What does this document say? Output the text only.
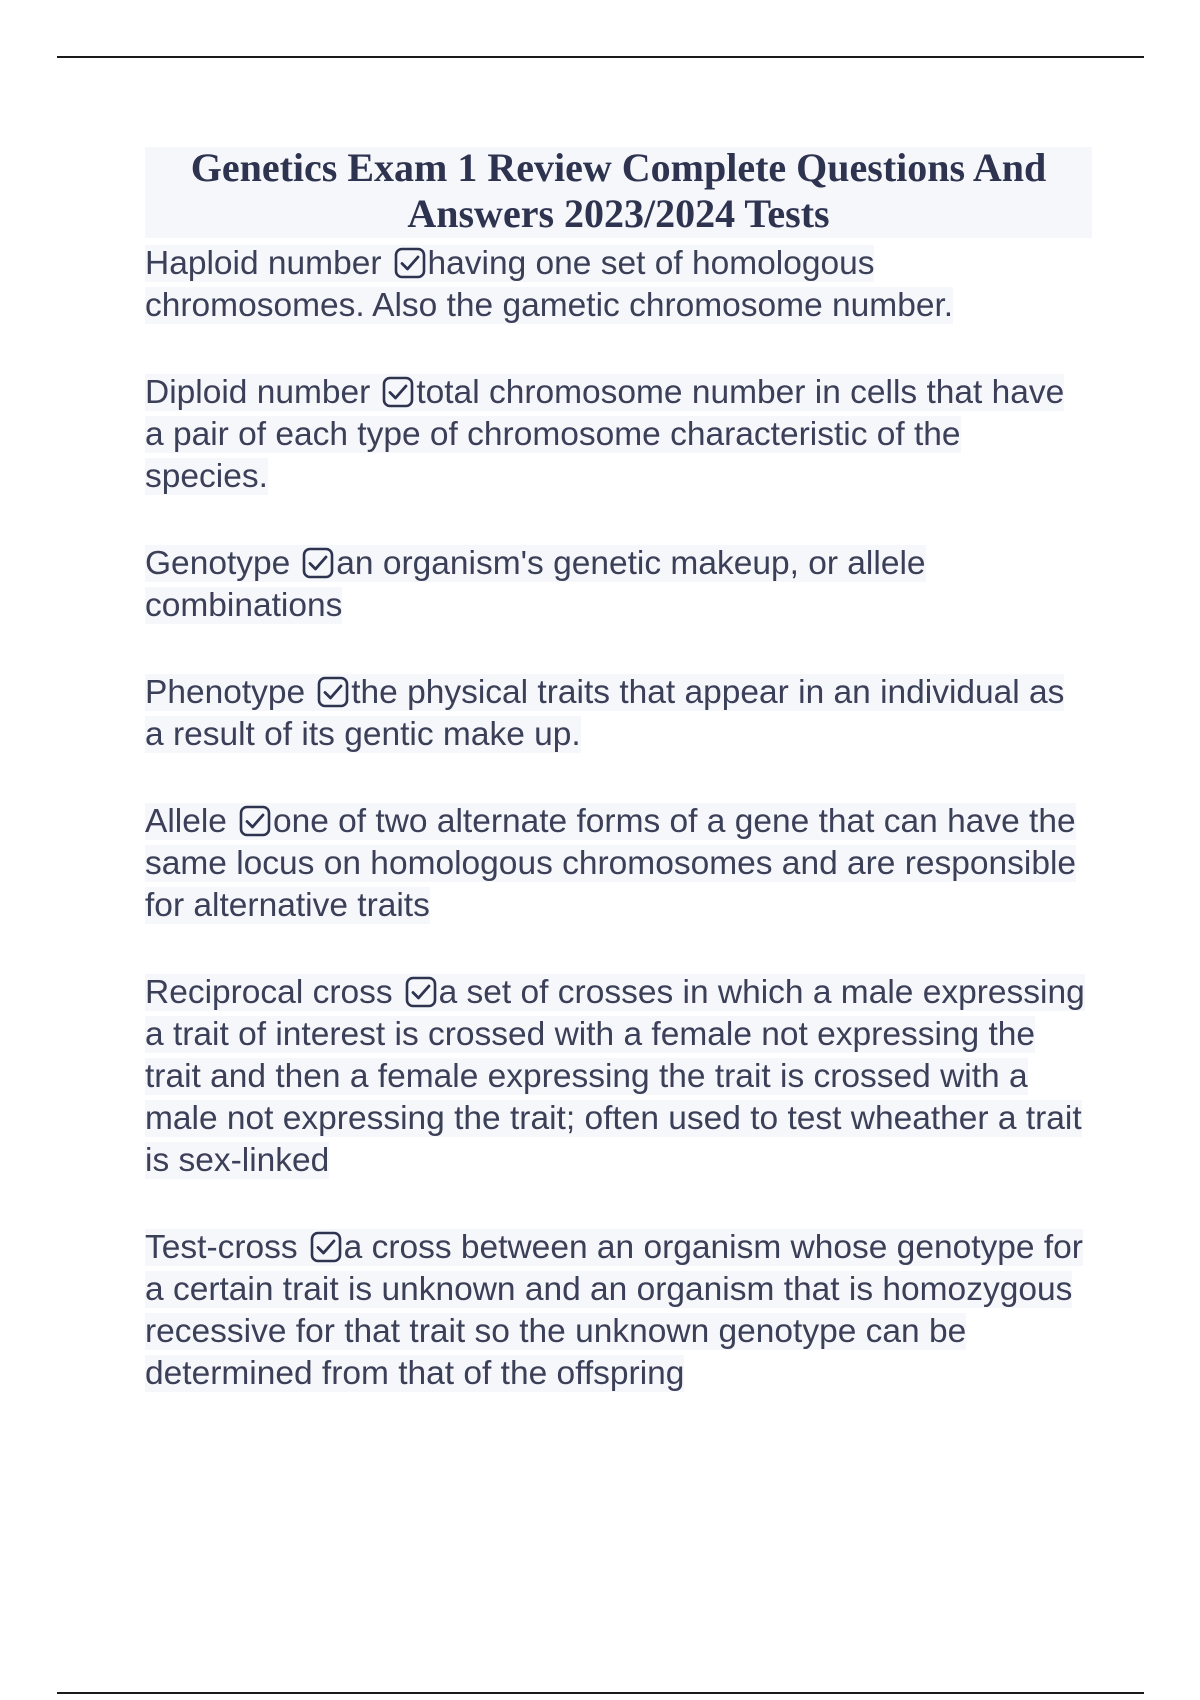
Genetics Exam 1 Review Complete Questions And Answers 2023/2024 Tests
Haploid number having one set of homologous chromosomes. Also the gametic chromosome number.
Diploid number total chromosome number in cells that have a pair of each type of chromosome characteristic of the species.
Genotype an organism's genetic makeup, or allele combinations
Phenotype the physical traits that appear in an individual as a result of its gentic make up.
Allele one of two alternate forms of a gene that can have the same locus on homologous chromosomes and are responsible for alternative traits
Reciprocal cross a set of crosses in which a male expressing a trait of interest is crossed with a female not expressing the trait and then a female expressing the trait is crossed with a male not expressing the trait; often used to test wheather a trait is sex-linked
Test-cross a cross between an organism whose genotype for a certain trait is unknown and an organism that is homozygous recessive for that trait so the unknown genotype can be determined from that of the offspring
